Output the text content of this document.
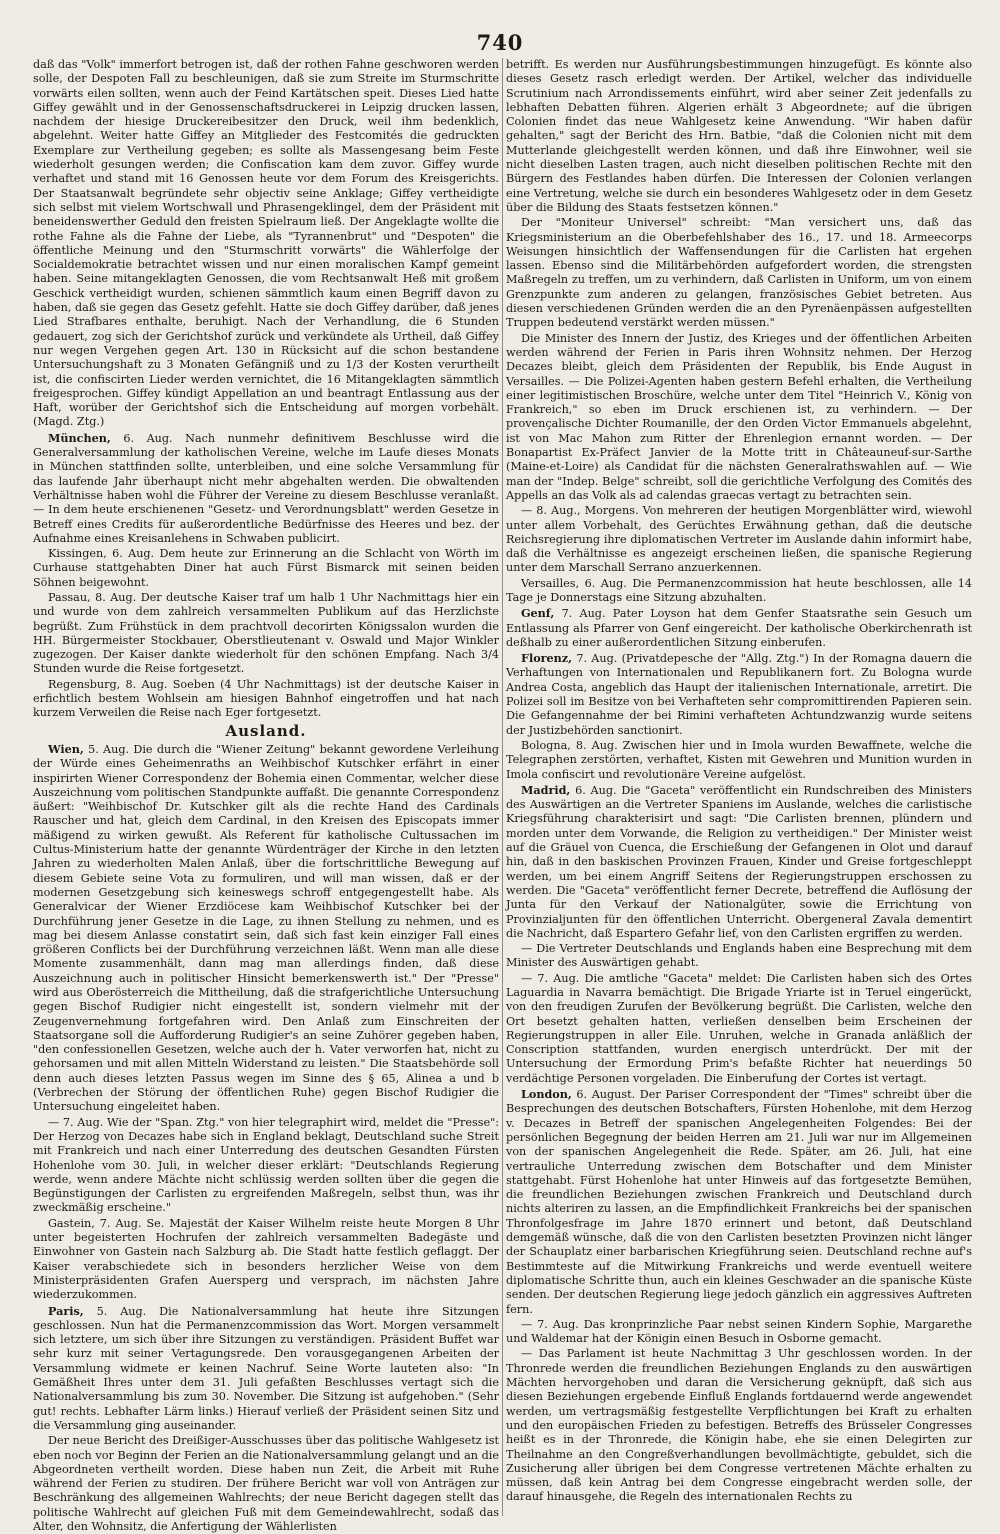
740

daß das "Volk" immerfort betrogen ist, daß der rothen Fahne geschworen werden solle, der Despoten Fall zu beschleunigen, daß sie zum Streite im Sturmschritte vorwärts eilen sollten, wenn auch der Feind Kartätschen speit. Dieses Lied hatte Giffey gewählt und in der Genossenschaftsdruckerei in Leipzig drucken lassen, nachdem der hiesige Druckereibesitzer den Druck, weil ihm bedenklich, abgelehnt. Weiter hatte Giffey an Mitglieder des Festcomités die gedruckten Exemplare zur Vertheilung gegeben; es sollte als Massengesang beim Feste wiederholt gesungen werden; die Confiscation kam dem zuvor. Giffey wurde verhaftet und stand mit 16 Genossen heute vor dem Forum des Kreisgerichts. Der Staatsanwalt begründete sehr objectiv seine Anklage; Giffey vertheidigte sich selbst mit vielem Wortschwall und Phrasengeklingel, dem der Präsident mit beneidenswerther Geduld den freisten Spielraum ließ. Der Angeklagte wollte die rothe Fahne als die Fahne der Liebe, als "Tyrannenbrut" und "Despoten" die öffentliche Meinung und den "Sturmschritt vorwärts" die Wählerfolge der Socialdemokratie betrachtet wissen und nur einen moralischen Kampf gemeint haben. Seine mitangeklagten Genossen, die vom Rechtsanwalt Heß mit großem Geschick vertheidigt wurden, schienen sämmtlich kaum einen Begriff davon zu haben, daß sie gegen das Gesetz gefehlt. Hatte sie doch Giffey darüber, daß jenes Lied Strafbares enthalte, beruhigt. Nach der Verhandlung, die 6 Stunden gedauert, zog sich der Gerichtshof zurück und verkündete als Urtheil, daß Giffey nur wegen Vergehen gegen Art. 130 in Rücksicht auf die schon bestandene Untersuchungshaft zu 3 Monaten Gefängniß und zu 1/3 der Kosten verurtheilt ist, die confiscirten Lieder werden vernichtet, die 16 Mitangeklagten sämmtlich freigesprochen. Giffey kündigt Appellation an und beantragt Entlassung aus der Haft, worüber der Gerichtshof sich die Entscheidung auf morgen vorbehält. (Magd. Ztg.)

München, 6. Aug. Nach nunmehr definitivem Beschlusse wird die Generalversammlung der katholischen Vereine, welche im Laufe dieses Monats in München stattfinden sollte, unterbleiben, und eine solche Versammlung für das laufende Jahr überhaupt nicht mehr abgehalten werden. Die obwaltenden Verhältnisse haben wohl die Führer der Vereine zu diesem Beschlusse veranlaßt. — In dem heute erschienenen "Gesetz- und Verordnungsblatt" werden Gesetze in Betreff eines Credits für außerordentliche Bedürfnisse des Heeres und bez. der Aufnahme eines Kreisanlehens in Schwaben publicirt.

Kissingen, 6. Aug. Dem heute zur Erinnerung an die Schlacht von Wörth im Curhause stattgehabten Diner hat auch Fürst Bismarck mit seinen beiden Söhnen beigewohnt.

Passau, 8. Aug. Der deutsche Kaiser traf um halb 1 Uhr Nachmittags hier ein und wurde von dem zahlreich versammelten Publikum auf das Herzlichste begrüßt. Zum Frühstück in dem prachtvoll decorirten Königssalon wurden die HH. Bürgermeister Stockbauer, Oberstlieutenant v. Oswald und Major Winkler zugezogen. Der Kaiser dankte wiederholt für den schönen Empfang. Nach 3/4 Stunden wurde die Reise fortgesetzt.

Regensburg, 8. Aug. Soeben (4 Uhr Nachmittags) ist der deutsche Kaiser in erfichtlich bestem Wohlsein am hiesigen Bahnhof eingetroffen und hat nach kurzem Verweilen die Reise nach Eger fortgesetzt.

Ausland.

Wien, 5. Aug. Die durch die "Wiener Zeitung" bekannt gewordene Verleihung der Würde eines Geheimenraths an Weihbischof Kutschker erfährt in einer inspirirten Wiener Correspondenz der Bohemia einen Commentar, welcher diese Auszeichnung vom politischen Standpunkte auffaßt. Die genannte Correspondenz äußert: "Weihbischof Dr. Kutschker gilt als die rechte Hand des Cardinals Rauscher und hat, gleich dem Cardinal, in den Kreisen des Episcopats immer mäßigend zu wirken gewußt. Als Referent für katholische Cultussachen im Cultus-Ministerium hatte der genannte Würdenträger der Kirche in den letzten Jahren zu wiederholten Malen Anlaß, über die fortschrittliche Bewegung auf diesem Gebiete seine Vota zu formuliren, und will man wissen, daß er der modernen Gesetzgebung sich keineswegs schroff entgegengestellt habe. Als Generalvicar der Wiener Erzdiöcese kam Weihbischof Kutschker bei der Durchführung jener Gesetze in die Lage, zu ihnen Stellung zu nehmen, und es mag bei diesem Anlasse constatirt sein, daß sich fast kein einziger Fall eines größeren Conflicts bei der Durchführung verzeichnen läßt. Wenn man alle diese Momente zusammenhält, dann mag man allerdings finden, daß diese Auszeichnung auch in politischer Hinsicht bemerkenswerth ist." Der "Presse" wird aus Oberösterreich die Mittheilung, daß die strafgerichtliche Untersuchung gegen Bischof Rudigier nicht eingestellt ist, sondern vielmehr mit der Zeugenvernehmung fortgefahren wird. Den Anlaß zum Einschreiten der Staatsorgane soll die Aufforderung Rudigier's an seine Zuhörer gegeben haben, "den confessionellen Gesetzen, welche auch der h. Vater verworfen hat, nicht zu gehorsamen und mit allen Mitteln Widerstand zu leisten." Die Staatsbehörde soll denn auch dieses letzten Passus wegen im Sinne des § 65, Alinea a und b (Verbrechen der Störung der öffentlichen Ruhe) gegen Bischof Rudigier die Untersuchung eingeleitet haben.

— 7. Aug. Wie der "Span. Ztg." von hier telegraphirt wird, meldet die "Presse": Der Herzog von Decazes habe sich in England beklagt, Deutschland suche Streit mit Frankreich und nach einer Unterredung des deutschen Gesandten Fürsten Hohenlohe vom 30. Juli, in welcher dieser erklärt: "Deutschlands Regierung werde, wenn andere Mächte nicht schlüssig werden sollten über die gegen die Begünstigungen der Carlisten zu ergreifenden Maßregeln, selbst thun, was ihr zweckmäßig erscheine."

Gastein, 7. Aug. Se. Majestät der Kaiser Wilhelm reiste heute Morgen 8 Uhr unter begeisterten Hochrufen der zahlreich versammelten Badegäste und Einwohner von Gastein nach Salzburg ab. Die Stadt hatte festlich geflaggt. Der Kaiser verabschiedete sich in besonders herzlicher Weise von dem Ministerpräsidenten Grafen Auersperg und versprach, im nächsten Jahre wiederzukommen.

Paris, 5. Aug. Die Nationalversammlung hat heute ihre Sitzungen geschlossen. Nun hat die Permanenzcommission das Wort. Morgen versammelt sich letztere, um sich über ihre Sitzungen zu verständigen. Präsident Buffet war sehr kurz mit seiner Vertagungsrede. Den vorausgegangenen Arbeiten der Versammlung widmete er keinen Nachruf. Seine Worte lauteten also: "In Gemäßheit Ihres unter dem 31. Juli gefaßten Beschlusses vertagt sich die Nationalversammlung bis zum 30. November. Die Sitzung ist aufgehoben." (Sehr gut! rechts. Lebhafter Lärm links.) Hierauf verließ der Präsident seinen Sitz und die Versammlung ging auseinander.

Der neue Bericht des Dreißiger-Ausschusses über das politische Wahlgesetz ist eben noch vor Beginn der Ferien an die Nationalversammlung gelangt und an die Abgeordneten vertheilt worden. Diese haben nun Zeit, die Arbeit mit Ruhe während der Ferien zu studiren. Der frühere Bericht war voll von Anträgen zur Beschränkung des allgemeinen Wahlrechts; der neue Bericht dagegen stellt das politische Wahlrecht auf gleichen Fuß mit dem Gemeindewahlrecht, sodaß das Alter, den Wohnsitz, die Anfertigung der Wählerlisten

betrifft. Es werden nur Ausführungsbestimmungen hinzugefügt. Es könnte also dieses Gesetz rasch erledigt werden. Der Artikel, welcher das individuelle Scrutinium nach Arrondissements einführt, wird aber seiner Zeit jedenfalls zu lebhaften Debatten führen. Algerien erhält 3 Abgeordnete; auf die übrigen Colonien findet das neue Wahlgesetz keine Anwendung. "Wir haben dafür gehalten," sagt der Bericht des Hrn. Batbie, "daß die Colonien nicht mit dem Mutterlande gleichgestellt werden können, und daß ihre Einwohner, weil sie nicht dieselben Lasten tragen, auch nicht dieselben politischen Rechte mit den Bürgern des Festlandes haben dürfen. Die Interessen der Colonien verlangen eine Vertretung, welche sie durch ein besonderes Wahlgesetz oder in dem Gesetz über die Bildung des Staats festsetzen können."

Der "Moniteur Universel" schreibt: "Man versichert uns, daß das Kriegsministerium an die Oberbefehlshaber des 16., 17. und 18. Armeecorps Weisungen hinsichtlich der Waffensendungen für die Carlisten hat ergehen lassen. Ebenso sind die Militärbehörden aufgefordert worden, die strengsten Maßregeln zu treffen, um zu verhindern, daß Carlisten in Uniform, um von einem Grenzpunkte zum anderen zu gelangen, französisches Gebiet betreten. Aus diesen verschiedenen Gründen werden die an den Pyrenäenpässen aufgestellten Truppen bedeutend verstärkt werden müssen."

Die Minister des Innern der Justiz, des Krieges und der öffentlichen Arbeiten werden während der Ferien in Paris ihren Wohnsitz nehmen. Der Herzog Decazes bleibt, gleich dem Präsidenten der Republik, bis Ende August in Versailles. — Die Polizei-Agenten haben gestern Befehl erhalten, die Vertheilung einer legitimistischen Broschüre, welche unter dem Titel "Heinrich V., König von Frankreich," so eben im Druck erschienen ist, zu verhindern. — Der provençalische Dichter Roumanille, der den Orden Victor Emmanuels abgelehnt, ist von Mac Mahon zum Ritter der Ehrenlegion ernannt worden. — Der Bonapartist Ex-Präfect Janvier de la Motte tritt in Châteauneuf-sur-Sarthe (Maine-et-Loire) als Candidat für die nächsten Generalrathswahlen auf. — Wie man der "Indep. Belge" schreibt, soll die gerichtliche Verfolgung des Comités des Appells an das Volk als ad calendas graecas vertagt zu betrachten sein.

— 8. Aug., Morgens. Von mehreren der heutigen Morgenblätter wird, wiewohl unter allem Vorbehalt, des Gerüchtes Erwähnung gethan, daß die deutsche Reichsregierung ihre diplomatischen Vertreter im Auslande dahin informirt habe, daß die Verhältnisse es angezeigt erscheinen ließen, die spanische Regierung unter dem Marschall Serrano anzuerkennen.

Versailles, 6. Aug. Die Permanenzcommission hat heute beschlossen, alle 14 Tage je Donnerstags eine Sitzung abzuhalten.

Genf, 7. Aug. Pater Loyson hat dem Genfer Staatsrathe sein Gesuch um Entlassung als Pfarrer von Genf eingereicht. Der katholische Oberkirchenrath ist deßhalb zu einer außerordentlichen Sitzung einberufen.

Florenz, 7. Aug. (Privatdepesche der "Allg. Ztg.") In der Romagna dauern die Verhaftungen von Internationalen und Republikanern fort. Zu Bologna wurde Andrea Costa, angeblich das Haupt der italienischen Internationale, arretirt. Die Polizei soll im Besitze von bei Verhafteten sehr compromittirenden Papieren sein. Die Gefangennahme der bei Rimini verhafteten Achtundzwanzig wurde seitens der Justizbehörden sanctionirt.

Bologna, 8. Aug. Zwischen hier und in Imola wurden Bewaffnete, welche die Telegraphen zerstörten, verhaftet, Kisten mit Gewehren und Munition wurden in Imola confiscirt und revolutionäre Vereine aufgelöst.

Madrid, 6. Aug. Die "Gaceta" veröffentlicht ein Rundschreiben des Ministers des Auswärtigen an die Vertreter Spaniens im Auslande, welches die carlistische Kriegsführung charakterisirt und sagt: "Die Carlisten brennen, plündern und morden unter dem Vorwande, die Religion zu vertheidigen." Der Minister weist auf die Gräuel von Cuenca, die Erschießung der Gefangenen in Olot und darauf hin, daß in den baskischen Provinzen Frauen, Kinder und Greise fortgeschleppt werden, um bei einem Angriff Seitens der Regierungstruppen erschossen zu werden. Die "Gaceta" veröffentlicht ferner Decrete, betreffend die Auflösung der Junta für den Verkauf der Nationalgüter, sowie die Errichtung von Provinzialjunten für den öffentlichen Unterricht. Obergeneral Zavala dementirt die Nachricht, daß Espartero Gefahr lief, von den Carlisten ergriffen zu werden.

— Die Vertreter Deutschlands und Englands haben eine Besprechung mit dem Minister des Auswärtigen gehabt.

— 7. Aug. Die amtliche "Gaceta" meldet: Die Carlisten haben sich des Ortes Laguardia in Navarra bemächtigt. Die Brigade Yriarte ist in Teruel eingerückt, von den freudigen Zurufen der Bevölkerung begrüßt. Die Carlisten, welche den Ort besetzt gehalten hatten, verließen denselben beim Erscheinen der Regierungstruppen in aller Eile. Unruhen, welche in Granada anläßlich der Conscription stattfanden, wurden energisch unterdrückt. Der mit der Untersuchung der Ermordung Prim's befaßte Richter hat neuerdings 50 verdächtige Personen vorgeladen. Die Einberufung der Cortes ist vertagt.

London, 6. August. Der Pariser Correspondent der "Times" schreibt über die Besprechungen des deutschen Botschafters, Fürsten Hohenlohe, mit dem Herzog v. Decazes in Betreff der spanischen Angelegenheiten Folgendes: Bei der persönlichen Begegnung der beiden Herren am 21. Juli war nur im Allgemeinen von der spanischen Angelegenheit die Rede. Später, am 26. Juli, hat eine vertrauliche Unterredung zwischen dem Botschafter und dem Minister stattgehabt. Fürst Hohenlohe hat unter Hinweis auf das fortgesetzte Bemühen, die freundlichen Beziehungen zwischen Frankreich und Deutschland durch nichts alteriren zu lassen, an die Empfindlichkeit Frankreichs bei der spanischen Thronfolgesfrage im Jahre 1870 erinnert und betont, daß Deutschland demgemäß wünsche, daß die von den Carlisten besetzten Provinzen nicht länger der Schauplatz einer barbarischen Kriegführung seien. Deutschland rechne auf's Bestimmteste auf die Mitwirkung Frankreichs und werde eventuell weitere diplomatische Schritte thun, auch ein kleines Geschwader an die spanische Küste senden. Der deutschen Regierung liege jedoch gänzlich ein aggressives Auftreten fern.

— 7. Aug. Das kronprinzliche Paar nebst seinen Kindern Sophie, Margarethe und Waldemar hat der Königin einen Besuch in Osborne gemacht.

— Das Parlament ist heute Nachmittag 3 Uhr geschlossen worden. In der Thronrede werden die freundlichen Beziehungen Englands zu den auswärtigen Mächten hervorgehoben und daran die Versicherung geknüpft, daß sich aus diesen Beziehungen ergebende Einfluß Englands fortdauernd werde angewendet werden, um vertragsmäßig festgestellte Verpflichtungen bei Kraft zu erhalten und den europäischen Frieden zu befestigen. Betreffs des Brüsseler Congresses heißt es in der Thronrede, die Königin habe, ehe sie einen Delegirten zur Theilnahme an den Congreßverhandlungen bevollmächtigte, gebuldet, sich die Zusicherung aller übrigen bei dem Congresse vertretenen Mächte erhalten zu müssen, daß kein Antrag bei dem Congresse eingebracht werden solle, der darauf hinausgehe, die Regeln des internationalen Rechts zu
